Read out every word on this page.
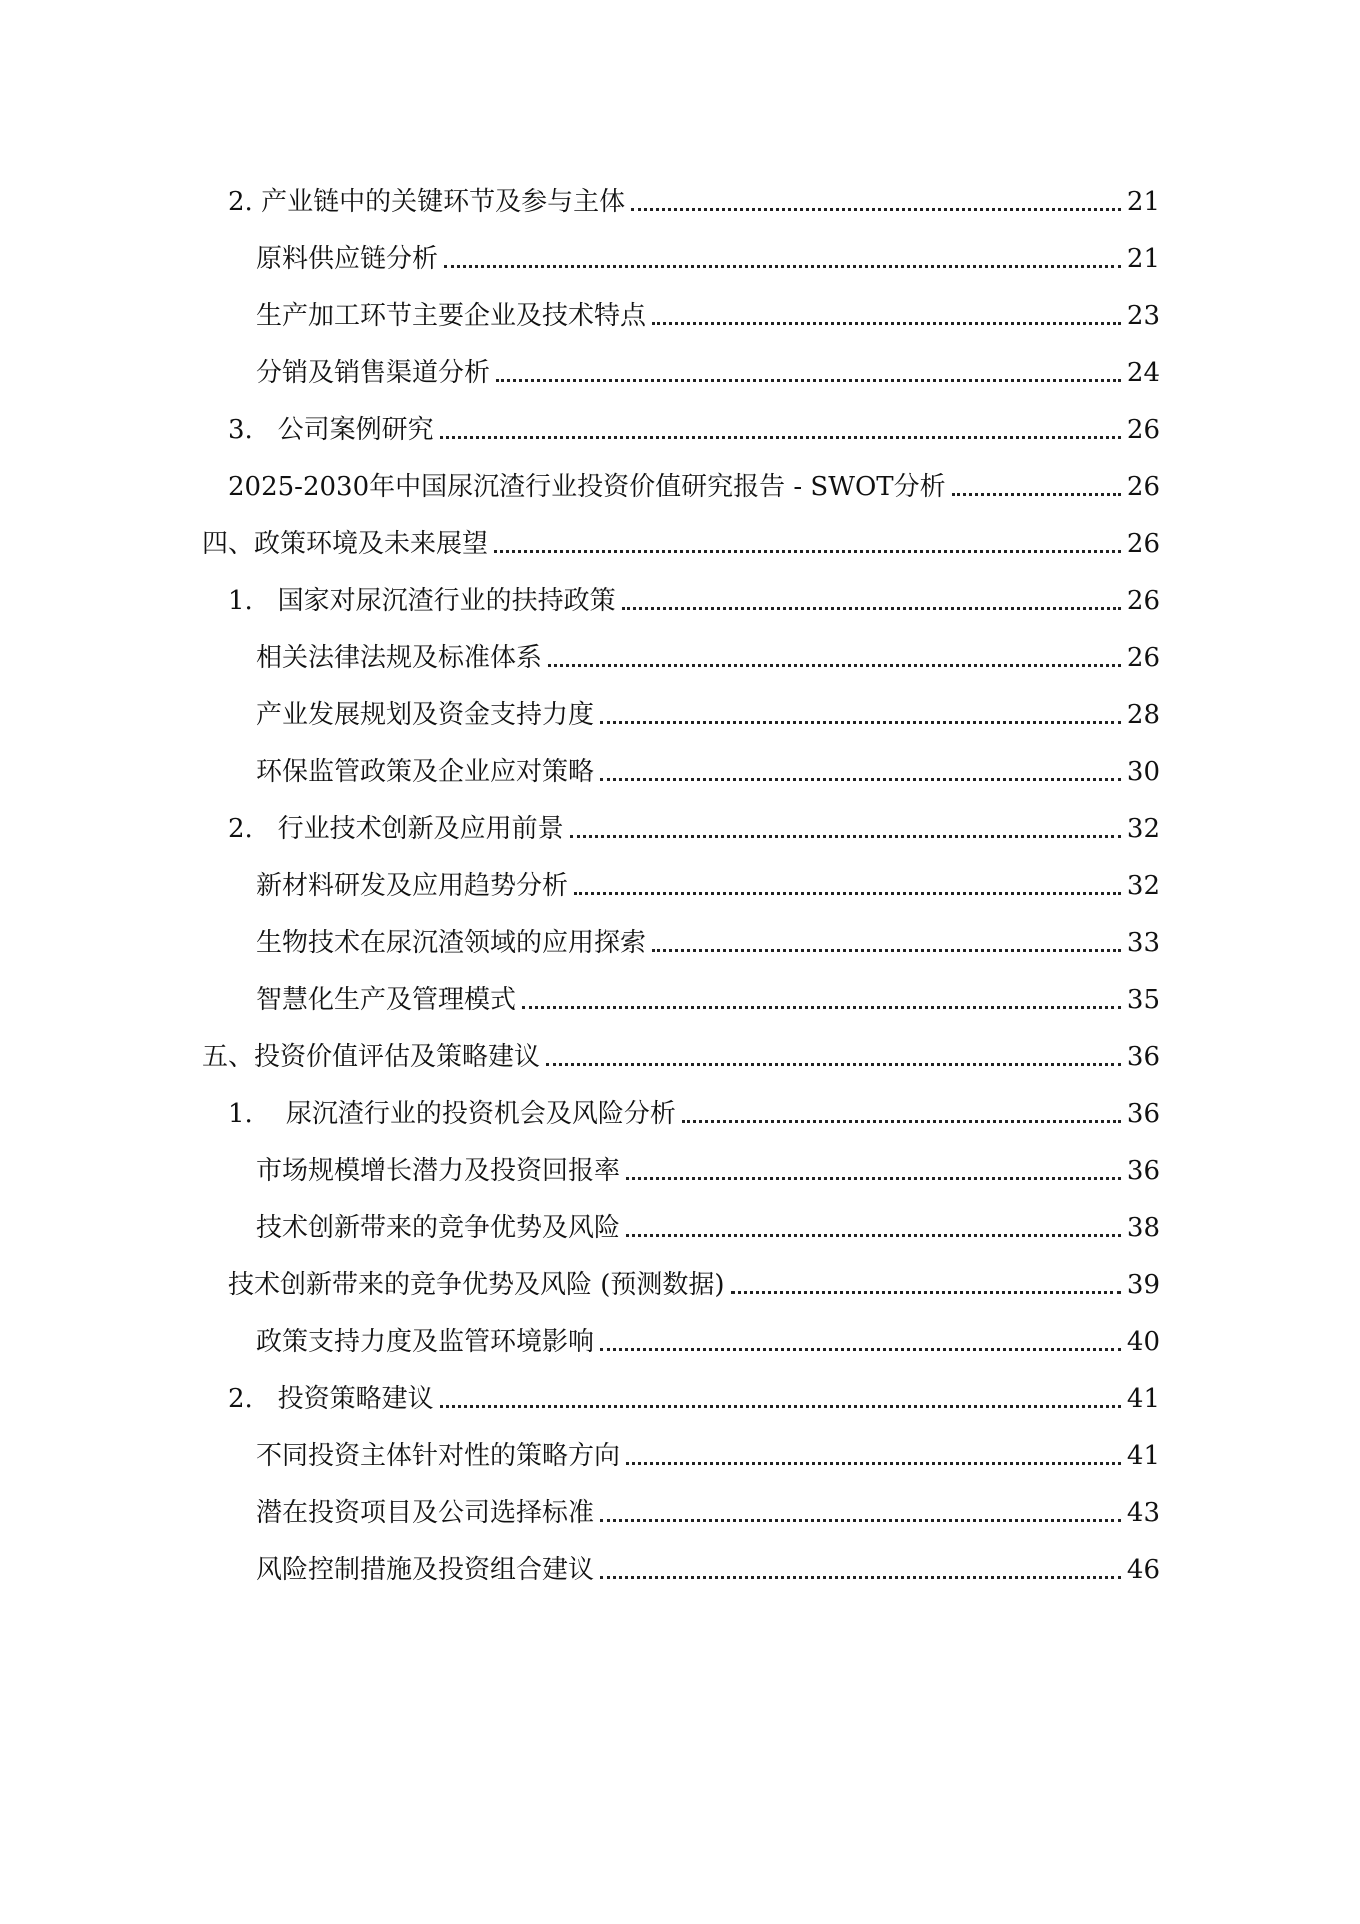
2. 产业链中的关键环节及参与主体	21
原料供应链分析	21
生产加工环节主要企业及技术特点	23
分销及销售渠道分析	24
3.   公司案例研究	26
2025-2030年中国尿沉渣行业投资价值研究报告 - SWOT分析	26
四、政策环境及未来展望	26
1.   国家对尿沉渣行业的扶持政策	26
相关法律法规及标准体系	26
产业发展规划及资金支持力度	28
环保监管政策及企业应对策略	30
2.   行业技术创新及应用前景	32
新材料研发及应用趋势分析	32
生物技术在尿沉渣领域的应用探索	33
智慧化生产及管理模式	35
五、投资价值评估及策略建议	36
1.    尿沉渣行业的投资机会及风险分析	36
市场规模增长潜力及投资回报率	36
技术创新带来的竞争优势及风险	38
技术创新带来的竞争优势及风险 (预测数据)	39
政策支持力度及监管环境影响	40
2.   投资策略建议	41
不同投资主体针对性的策略方向	41
潜在投资项目及公司选择标准	43
风险控制措施及投资组合建议	46
